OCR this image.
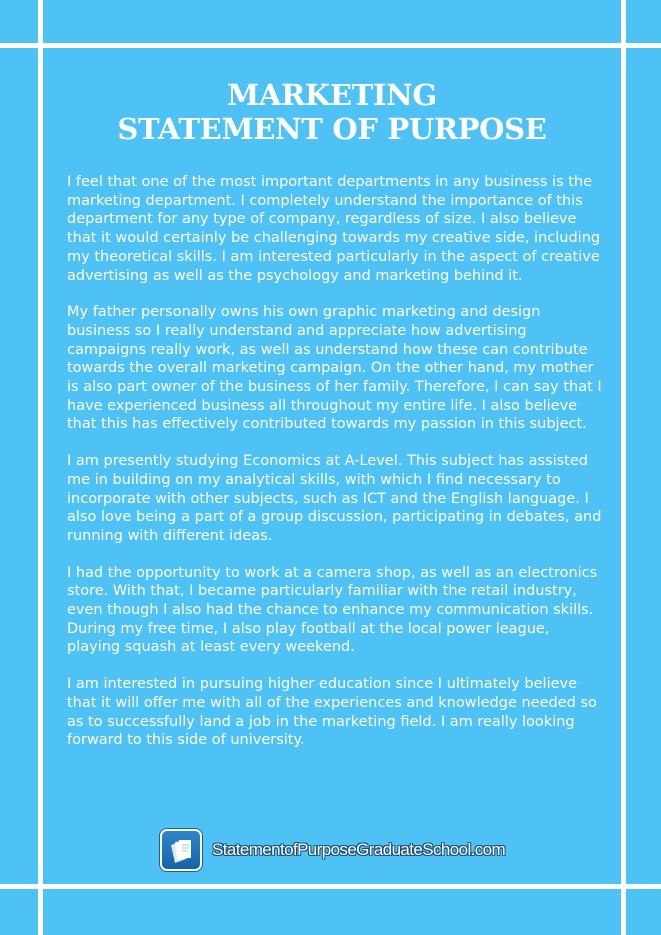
MARKETING
STATEMENT OF PURPOSE

I feel that one of the most important departments in any business is the marketing department. I completely understand the importance of this department for any type of company, regardless of size. I also believe that it would certainly be challenging towards my creative side, including my theoretical skills. I am interested particularly in the aspect of creative advertising as well as the psychology and marketing behind it.

My father personally owns his own graphic marketing and design business so I really understand and appreciate how advertising campaigns really work, as well as understand how these can contribute towards the overall marketing campaign. On the other hand, my mother is also part owner of the business of her family. Therefore, I can say that I have experienced business all throughout my entire life. I also believe that this has effectively contributed towards my passion in this subject.

I am presently studying Economics at A-Level. This subject has assisted me in building on my analytical skills, with which I find necessary to incorporate with other subjects, such as ICT and the English language. I also love being a part of a group discussion, participating in debates, and running with different ideas.

I had the opportunity to work at a camera shop, as well as an electronics store. With that, I became particularly familiar with the retail industry, even though I also had the chance to enhance my communication skills. During my free time, I also play football at the local power league, playing squash at least every weekend.

I am interested in pursuing higher education since I ultimately believe that it will offer me with all of the experiences and knowledge needed so as to successfully land a job in the marketing field. I am really looking forward to this side of university.

StatementofPurposeGraduateSchool.com
